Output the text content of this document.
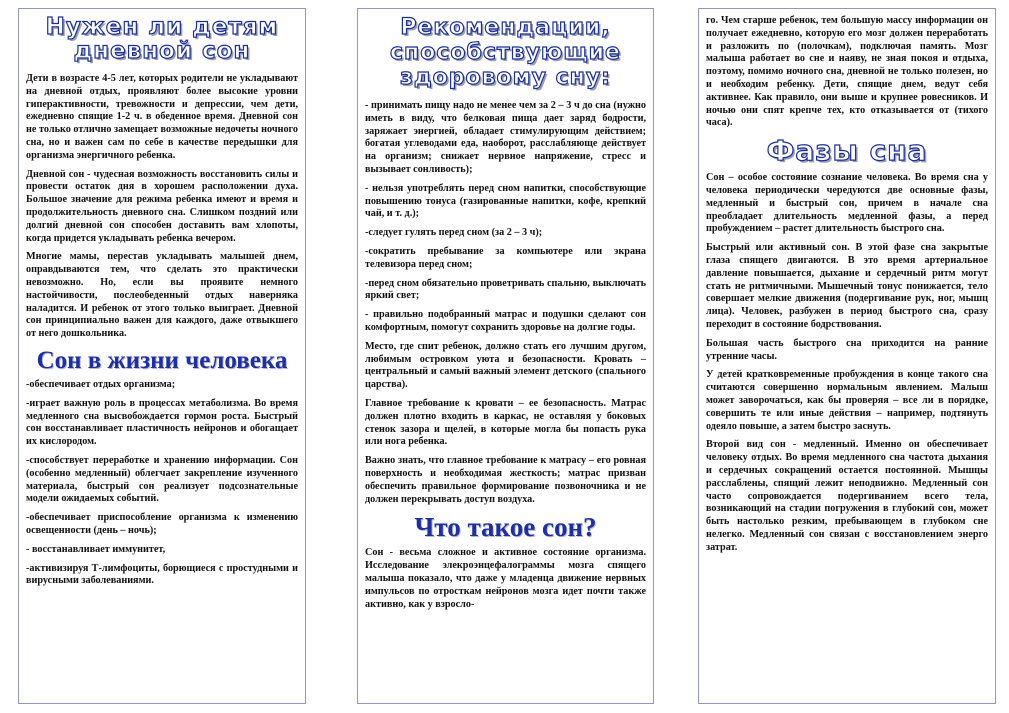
Нужен ли детям дневной сон

Дети в возрасте 4-5 лет, которых родители не укладывают на дневной отдых, проявляют более высокие уровни гиперактивности, тревожности и депрессии, чем дети, ежедневно спящие 1-2 ч. в обеденное время. Дневной сон не только отлично замещает возможные недочеты ночного сна, но и важен сам по себе в качестве передышки для организма энергичного ребенка.

Дневной сон - чудесная возможность восстановить силы и провести остаток дня в хорошем расположении духа. Большое значение для режима ребенка имеют и время и продолжительность дневного сна. Слишком поздний или долгий дневной сон способен доставить вам хлопоты, когда придется укладывать ребенка вечером.

Многие мамы, перестав укладывать малышей днем, оправдываются тем, что сделать это практически невозможно. Но, если вы проявите немного настойчивости, послеобеденный отдых наверняка наладится. И ребенок от этого только выиграет. Дневной сон принципиально важен для каждого, даже отвыкшего от него дошкольника.

Сон в жизни человека

-обеспечивает отдых организма;

-играет важную роль в процессах метаболизма. Во время медленного сна высвобождается гормон роста. Быстрый сон восстанавливает пластичность нейронов и обогащает их кислородом.

-способствует переработке и хранению информации. Сон (особенно медленный) облегчает закрепление изученного материала, быстрый сон реализует подсознательные модели ожидаемых событий.

-обеспечивает приспособление организма к изменению освещенности (день – ночь);

- восстанавливает иммунитет,

-активизируя Т-лимфоциты, борющиеся с простудными и вирусными заболеваниями.

Рекомендации, способствующие здоровому сну:

- принимать пищу надо не менее чем за 2 – 3 ч до сна (нужно иметь в виду, что белковая пища дает заряд бодрости, заряжает энергией, обладает стимулирующим действием; богатая углеводами еда, наоборот, расслабляюще действует на организм; снижает нервное напряжение, стресс и вызывает сонливость);

- нельзя употреблять перед сном напитки, способствующие повышению тонуса (газированные напитки, кофе, крепкий чай, и т. д.);

-следует гулять перед сном (за 2 – 3 ч);

-сократить пребывание за компьютере или экрана телевизора перед сном;

-перед сном обязательно проветривать спальню, выключать яркий свет;

- правильно подобранный матрас и подушки сделают сон комфортным, помогут сохранить здоровье на долгие годы.

Место, где спит ребенок, должно стать его лучшим другом, любимым островком уюта и безопасности. Кровать – центральный и самый важный элемент детского (спального царства).

Главное требование к кровати – ее безопасность. Матрас должен плотно входить в каркас, не оставляя у боковых стенок зазора и щелей, в которые могла бы попасть рука или нога ребенка.

Важно знать, что главное требование к матрасу – его ровная поверхность и необходимая жесткость; матрас призван обеспечить правильное формирование позвоночника и не должен перекрывать доступ воздуха.

Что такое сон?

Сон - весьма сложное и активное состояние организма. Исследование элекроэнцефалограммы мозга спящего малыша показало, что даже у младенца движение нервных импульсов по отросткам нейронов мозга идет почти также активно, как у взросло-

го. Чем старше ребенок, тем большую массу информации он получает ежедневно, которую его мозг должен переработать и разложить по (полочкам), подключая память. Мозг малыша работает во сне и наяву, не зная покоя и отдыха, поэтому, помимо ночного сна, дневной не только полезен, но и необходим ребенку. Дети, спящие днем, ведут себя активнее. Как правило, они выше и крупнее ровесников. И ночью они спят крепче тех, кто отказывается от (тихого часа).

Фазы сна

Сон – особое состояние сознание человека. Во время сна у человека периодически чередуются две основные фазы, медленный и быстрый сон, причем в начале сна преобладает длительность медленной фазы, а перед пробуждением – растет длительность быстрого сна.

Быстрый или активный сон. В этой фазе сна закрытые глаза спящего двигаются. В это время артериальное давление повышается, дыхание и сердечный ритм могут стать не ритмичными. Мышечный тонус понижается, тело совершает мелкие движения (подергивание рук, ног, мышц лица). Человек, разбужен в период быстрого сна, сразу переходит в состояние бодрствования.

Большая часть быстрого сна приходится на ранние утренние часы.

У детей кратковременные пробуждения в конце такого сна считаются совершенно нормальным явлением. Малыш может заворочаться, как бы проверяя – все ли в порядке, совершить те или иные действия – например, подтянуть одеяло повыше, а затем быстро заснуть.

Второй вид сон - медленный. Именно он обеспечивает человеку отдых. Во время медленного сна частота дыхания и сердечных сокращений остается постоянной. Мышцы расслаблены, спящий лежит неподвижно. Медленный сон часто сопровождается подергиванием всего тела, возникающий на стадии погружения в глубокий сон, может быть настолько резким, пребывающем в глубоком сне нелегко. Медленный сон связан с восстановлением энерго затрат.
